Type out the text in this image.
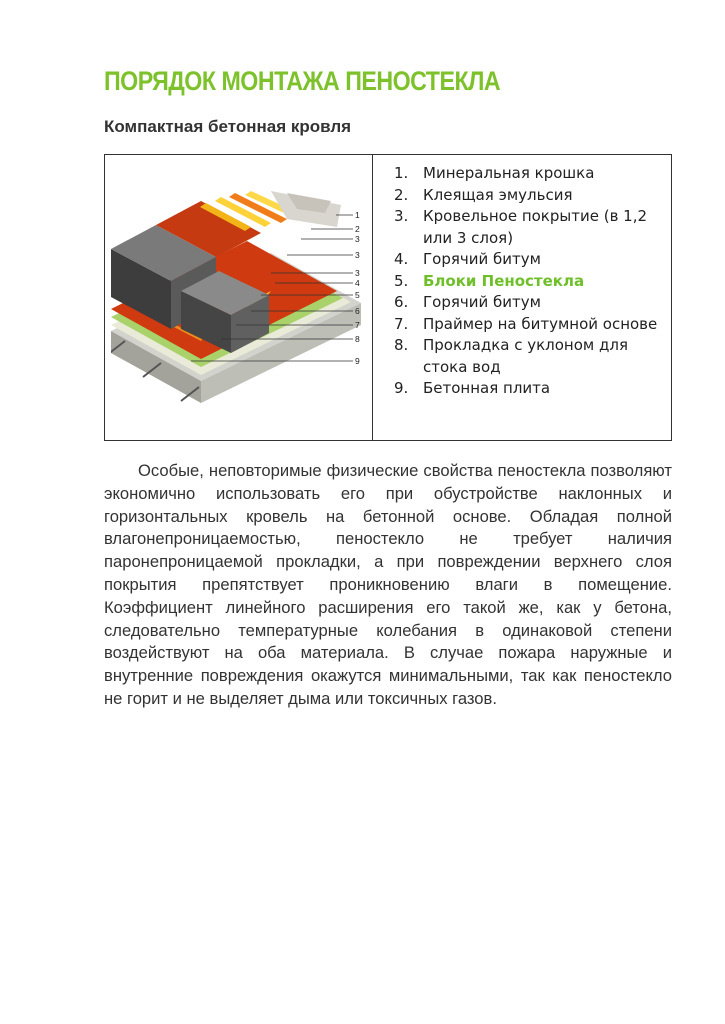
ПОРЯДОК МОНТАЖА ПЕНОСТЕКЛА
Компактная бетонная кровля
1
2
3
3
3
4
5
6
7
8
9
1. Минеральная крошка
2. Клеящая эмульсия
3. Кровельное покрытие (в 1,2 или 3 слоя)
4. Горячий битум
5. Блоки Пеностекла
6. Горячий битум
7. Праймер на битумной основе
8. Прокладка с уклоном для стока вод
9. Бетонная плита

Особые, неповторимые физические свойства пеностекла позволяют экономично использовать его при обустройстве наклонных и горизонтальных кровель на бетонной основе. Обладая полной влагонепроницаемостью, пеностекло не требует наличия паронепроницаемой прокладки, а при повреждении верхнего слоя покрытия препятствует проникновению влаги в помещение. Коэффициент линейного расширения его такой же, как у бетона, следовательно температурные колебания в одинаковой степени воздействуют на оба материала. В случае пожара наружные и внутренние повреждения окажутся минимальными, так как пеностекло не горит и не выделяет дыма или токсичных газов.
